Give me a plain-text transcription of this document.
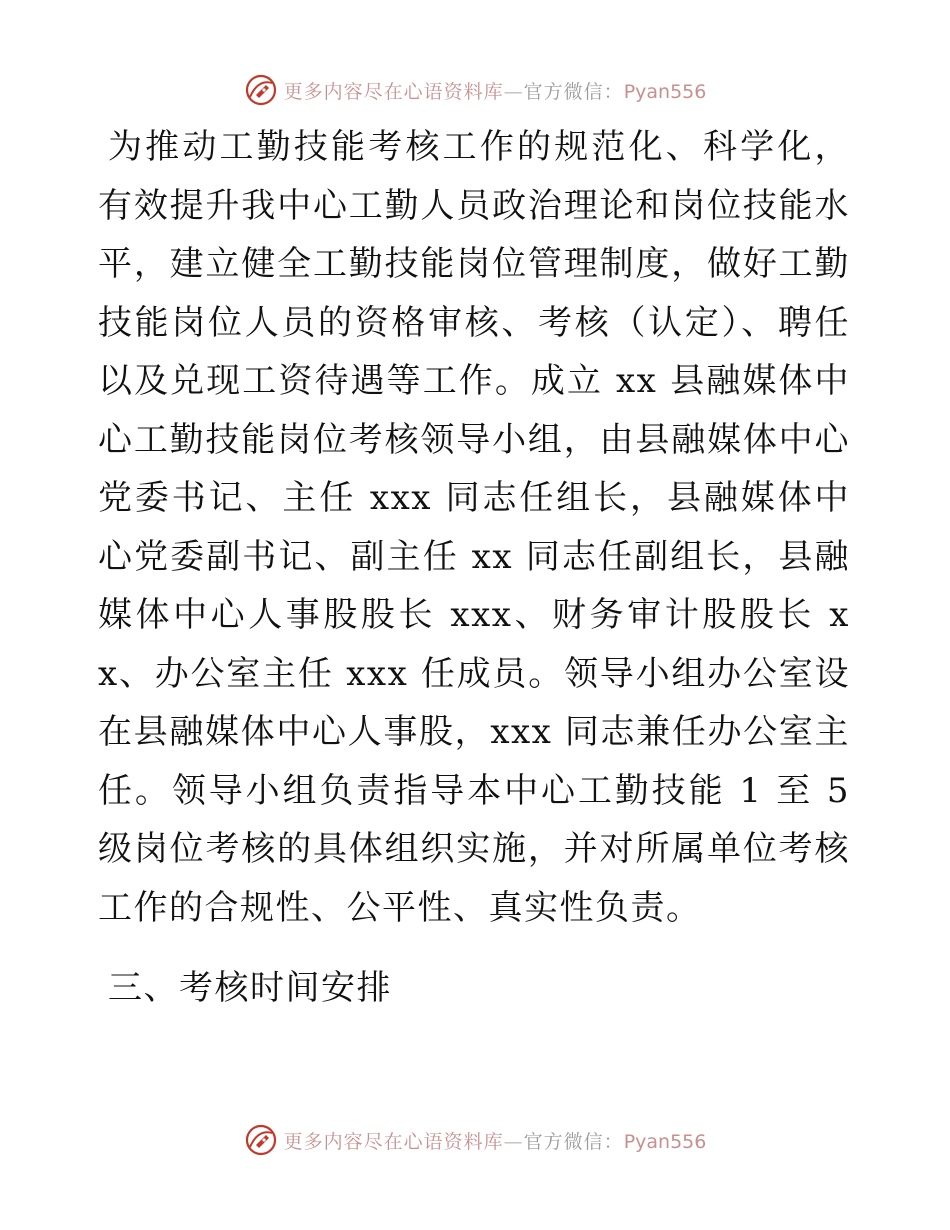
更多内容尽在心语资料库—官方微信：Pyan556

为推动工勤技能考核工作的规范化、科学化，有效提升我中心工勤人员政治理论和岗位技能水平，建立健全工勤技能岗位管理制度，做好工勤技能岗位人员的资格审核、考核（认定）、聘任以及兑现工资待遇等工作。成立 xx 县融媒体中心工勤技能岗位考核领导小组，由县融媒体中心党委书记、主任 xxx 同志任组长，县融媒体中心党委副书记、副主任 xx 同志任副组长，县融媒体中心人事股股长 xxx、财务审计股股长 xx、办公室主任 xxx 任成员。领导小组办公室设在县融媒体中心人事股，xxx 同志兼任办公室主任。领导小组负责指导本中心工勤技能 1 至 5 级岗位考核的具体组织实施，并对所属单位考核工作的合规性、公平性、真实性负责。

三、考核时间安排

更多内容尽在心语资料库—官方微信：Pyan556
